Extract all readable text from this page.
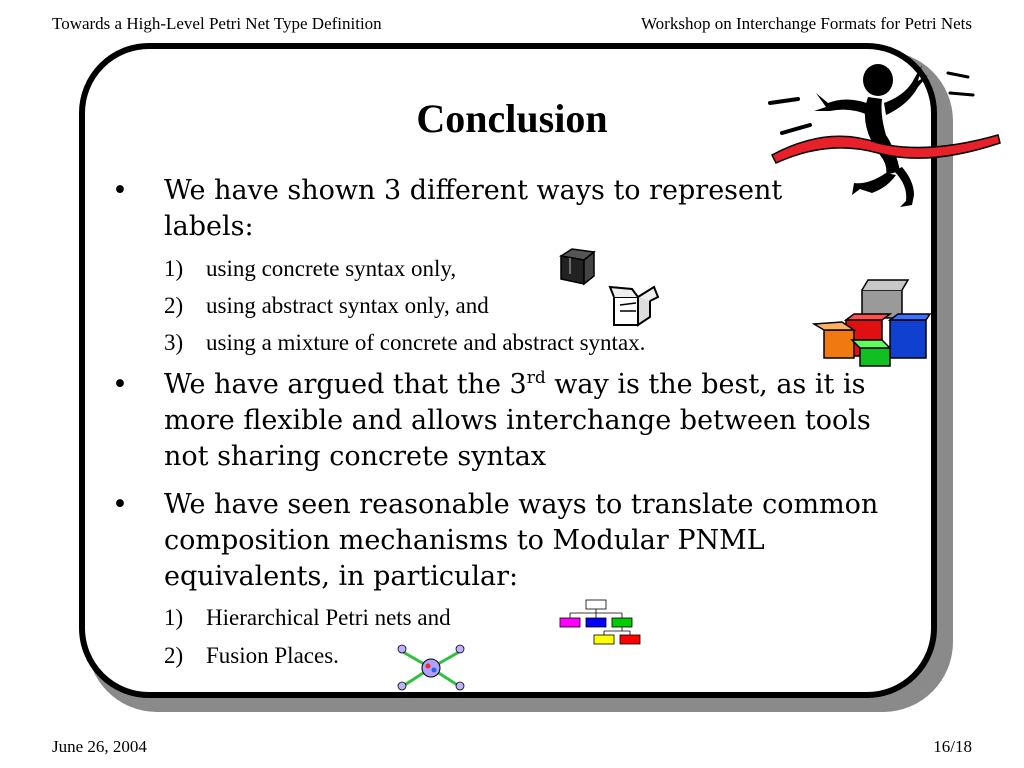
Towards a High-Level Petri Net Type Definition	Workshop on Interchange Formats for Petri Nets
Conclusion
• We have shown 3 different ways to represent labels:
1) using concrete syntax only,
2) using abstract syntax only, and
3) using a mixture of concrete and abstract syntax.
• We have argued that the 3rd way is the best, as it is more flexible and allows interchange between tools not sharing concrete syntax
• We have seen reasonable ways to translate common composition mechanisms to Modular PNML equivalents, in particular:
1) Hierarchical Petri nets and
2) Fusion Places.
June 26, 2004	16/18
